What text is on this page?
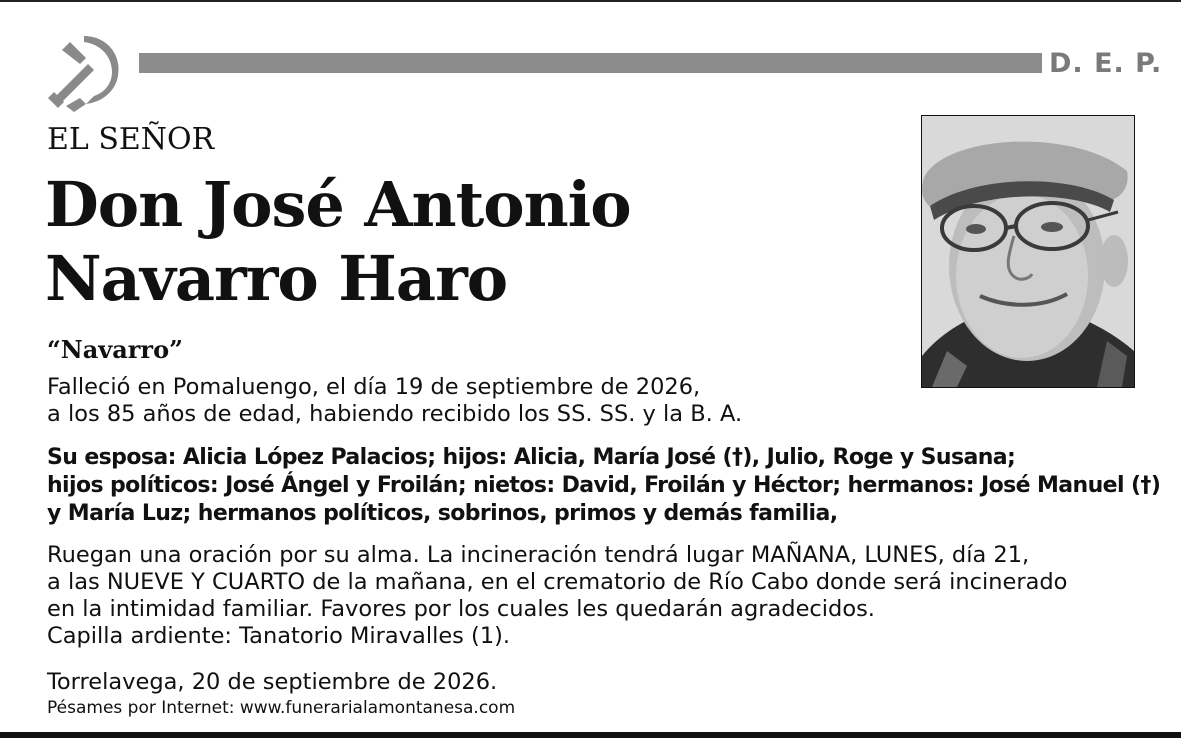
D. E. P.
EL SEÑOR
Don José Antonio
Navarro Haro
“Navarro”
Falleció en Pomaluengo, el día 19 de septiembre de 2026,
a los 85 años de edad, habiendo recibido los SS. SS. y la B. A.
Su esposa: Alicia López Palacios; hijos: Alicia, María José (†), Julio, Roge y Susana;
hijos políticos: José Ángel y Froilán; nietos: David, Froilán y Héctor; hermanos: José Manuel (†)
y María Luz; hermanos políticos, sobrinos, primos y demás familia,
Ruegan una oración por su alma. La incineración tendrá lugar MAÑANA, LUNES, día 21,
a las NUEVE Y CUARTO de la mañana, en el crematorio de Río Cabo donde será incinerado
en la intimidad familiar. Favores por los cuales les quedarán agradecidos.
Capilla ardiente: Tanatorio Miravalles (1).
Torrelavega, 20 de septiembre de 2026.
Pésames por Internet: www.funerarialamontanesa.com
